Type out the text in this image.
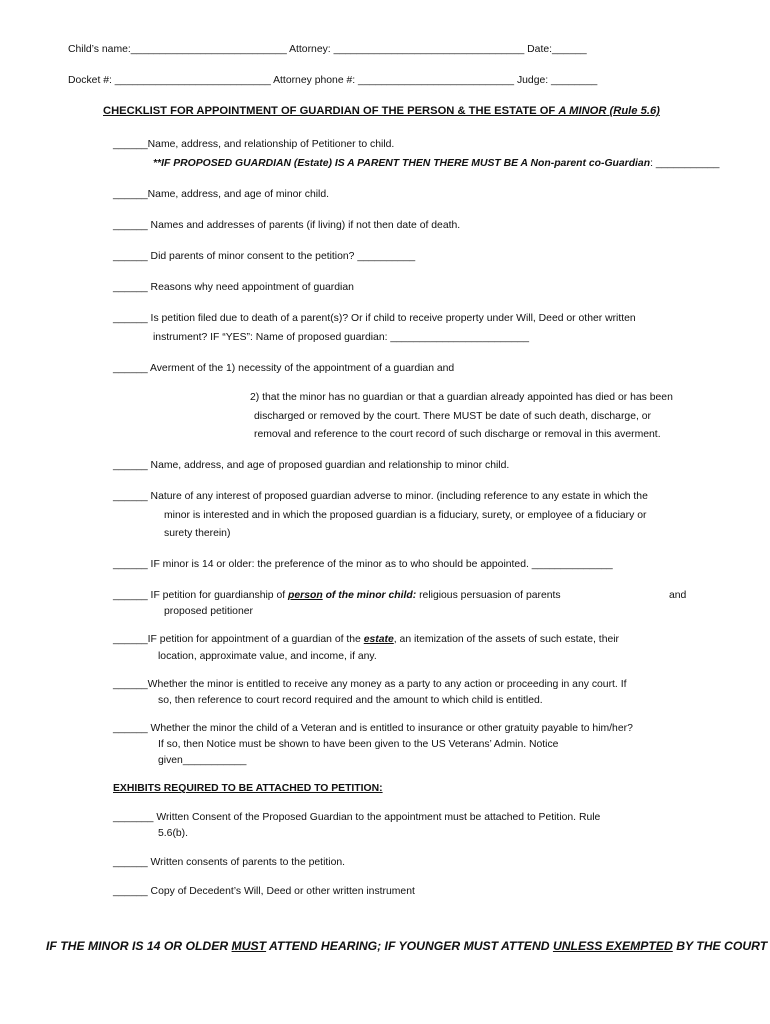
Child’s name:___________________________ Attorney: _________________________________ Date:______
Docket #: ___________________________ Attorney phone #: ___________________________ Judge: ________
CHECKLIST FOR APPOINTMENT OF GUARDIAN OF THE PERSON & THE ESTATE OF A MINOR (Rule 5.6)
______Name, address, and relationship of Petitioner to child.
**IF PROPOSED GUARDIAN (Estate) IS A PARENT THEN THERE MUST BE A Non-parent co-Guardian: ___________
______Name, address, and age of minor child.
______ Names and addresses of parents (if living) if not then date of death.
______ Did parents of minor consent to the petition? __________
______ Reasons why need appointment of guardian
______ Is petition filed due to death of a parent(s)? Or if child to receive property under Will, Deed or other written
instrument? IF “YES”: Name of proposed guardian: ________________________
______ Averment of the 1) necessity of the appointment of a guardian and
2) that the minor has no guardian or that a guardian already appointed has died or has been
discharged or removed by the court. There MUST be date of such death, discharge, or
removal and reference to the court record of such discharge or removal in this averment.
______ Name, address, and age of proposed guardian and relationship to minor child.
______ Nature of any interest of proposed guardian adverse to minor. (including reference to any estate in which the
minor is interested and in which the proposed guardian is a fiduciary, surety, or employee of a fiduciary or
surety therein)
______ IF minor is 14 or older: the preference of the minor as to who should be appointed. ______________
______ IF petition for guardianship of person of the minor child: religious persuasion of parents	and
proposed petitioner
______IF petition for appointment of a guardian of the estate, an itemization of the assets of such estate, their
location, approximate value, and income, if any.
______Whether the minor is entitled to receive any money as a party to any action or proceeding in any court. If
so, then reference to court record required and the amount to which child is entitled.
______ Whether the minor the child of a Veteran and is entitled to insurance or other gratuity payable to him/her?
If so, then Notice must be shown to have been given to the US Veterans’ Admin. Notice
given___________
EXHIBITS REQUIRED TO BE ATTACHED TO PETITION:
_______ Written Consent of the Proposed Guardian to the appointment must be attached to Petition. Rule
5.6(b).
______ Written consents of parents to the petition.
______ Copy of Decedent’s Will, Deed or other written instrument
IF THE MINOR IS 14 OR OLDER MUST ATTEND HEARING; IF YOUNGER MUST ATTEND UNLESS EXEMPTED BY THE COURT
